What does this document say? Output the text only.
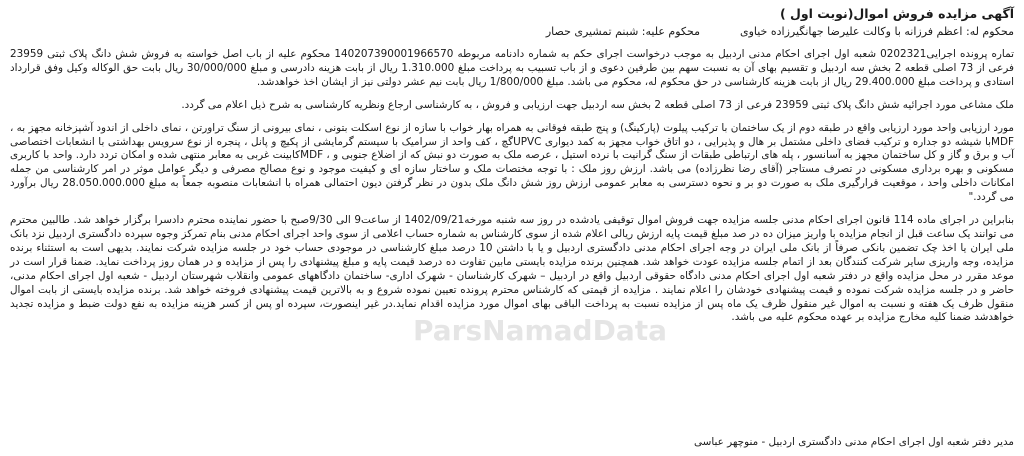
آگهی مزایده فروش اموال(نوبت اول )
محکوم له: اعظم فرزانه با وکالت علیرضا جهانگیرزاده خیاوی
محکوم علیه: شبنم تمشیری حصار

تماره پرونده اجرایی0202321 شعبه اول اجرای احکام مدنی اردبیل به موجب درخواست اجرای حکم به شماره دادنامه مربوطه 140207390001966570 محکوم علیه از باب اصل خواسته به فروش شش دانگ پلاک ثبتی 23959 فرعی از 73 اصلی قطعه 2 بخش سه اردبیل و تقسیم بهای آن به نسبت سهم بین طرفین دعوی و از باب تسبیب به پرداخت مبلغ 1.310.000 ریال از بابت هزینه دادرسی و مبلغ 30/000/000 ریال بابت حق الوکاله وکیل وفق قرارداد استادی و پرداخت مبلغ 29.400.000 ریال از بابت هزینه کارشناسی در حق محکوم له، محکوم می باشد. مبلغ 1/800/000 ریال بابت نیم عشر دولتی نیز از ایشان اخذ خواهدشد.

ملک مشاعی مورد اجرائیه شش دانگ پلاک ثبتی 23959 فرعی از 73 اصلی قطعه 2 بخش سه اردبیل جهت ارزیابی و فروش ، به کارشناسی ارجاع ونظریه کارشناسی به شرح ذیل اعلام می گردد.

مورد ارزیابی واحد مورد ارزیابی واقع در طبقه دوم از یک ساختمان با ترکیب پیلوت (پارکینگ) و پنج طبقه فوقانی به همراه بهار خواب با سازه از نوع اسکلت بتونی ، نمای بیرونی از سنگ تراورتن ، نمای داخلی از اندود آشپزخانه مجهز به ، MDFبا شیشه دو جداره و ترکیب فضای داخلی مشتمل بر هال و پذیرایی ، دو اتاق خواب مجهز به کمد دیواری UPVCگچ ، کف واحد از سرامیک با سیستم گرمایشی از پکیچ و پانل ، پنجره از نوع سرویس بهداشتی با انشعابات اختصاصی آب و برق و گاز و کل ساختمان مجهز به آسانسور ، پله های ارتباطی طبقات از سنگ گرانیت با نرده استیل ، عرصه ملک به صورت دو نبش که از اضلاع جنوبی و ، MDFکابینت غربی به معابر منتهی شده و امکان تردد دارد. واحد با کاربری مسکونی و بهره برداری مسکونی در تصرف مستاجر (آقای رضا نظرزاده) می باشد. ارزش روز ملک : با توجه مختصات ملک و ساختار سازه ای و کیفیت موجود و نوع مصالح مصرفی و دیگر عوامل موثر در امر کارشناسی من جمله امکانات داخلی واحد ، موقعیت قرارگیری ملک به صورت دو بر و نحوه دسترسی به معابر عمومی ارزش روز شش دانگ ملک بدون در نظر گرفتن دیون احتمالی همراه با انشعابات منصوبه جمعاً به مبلغ 28.050.000.000 ریال برآورد می گردد."

بنابراین در اجرای ماده 114 قانون اجرای احکام مدنی جلسه مزایده جهت فروش اموال توقیفی یادشده در روز سه شنبه مورخه1402/09/21 از ساعت9 الی 9/30صبح با حضور نماینده محترم دادسرا برگزار خواهد شد. طالبین محترم می توانند یک ساعت قبل از انجام مزایده با واریز میزان ده در صد مبلغ قیمت پایه ارزش ریالی اعلام شده از سوی کارشناس به شماره حساب اعلامی از سوی واحد اجرای احکام مدنی بنام تمرکز وجوه سپرده دادگستری اردبیل نزد بانک ملی ایران یا اخذ چک تضمین بانکی صرفاً از بانک ملی ایران در وجه اجرای احکام مدنی دادگستری اردبیل و یا با داشتن 10 درصد مبلغ کارشناسی در موجودی حساب خود در جلسه مزایده شرکت نمایند. بدیهی است به استثناء برنده مزایده، وجه واریزی سایر شرکت کنندگان بعد از اتمام جلسه مزایده عودت خواهد شد. همچنین برنده مزایده بایستی مابین تفاوت ده درصد قیمت پایه و مبلغ پیشنهادی را پس از مزایده و در همان روز پرداخت نماید. ضمنا قرار است در موعد مقرر در محل مزایده واقع در دفتر شعبه اول اجرای احکام مدنی دادگاه حقوقی اردبیل واقع در اردبیل – شهرک کارشناسان - شهرک اداری- ساختمان دادگاههای عمومی وانقلاب شهرستان اردبیل - شعبه اول اجرای احکام مدنی، حاضر و در جلسه مزایده شرکت نموده و قیمت پیشنهادی خودشان را اعلام نمایند . مزایده از قیمتی که کارشناس محترم پرونده تعیین نموده شروع و به بالاترین قیمت پیشنهادی فروخته خواهد شد. برنده مزایده بایستی از بابت اموال منقول ظرف یک هفته و نسبت به اموال غیر منقول ظرف یک ماه پس از مزایده نسبت به پرداخت الباقی بهای اموال مورد مزایده اقدام نماید.در غیر اینصورت، سپرده او پس از کسر هزینه مزایده به نفع دولت ضبط و مزایده تجدید خواهدشد ضمنا کلیه مخارج مزایده بر عهده محکوم علیه می باشد.

مدیر دفتر شعبه اول اجرای احکام مدنی دادگستری اردبیل - منوچهر عباسی
ParsNamadData
